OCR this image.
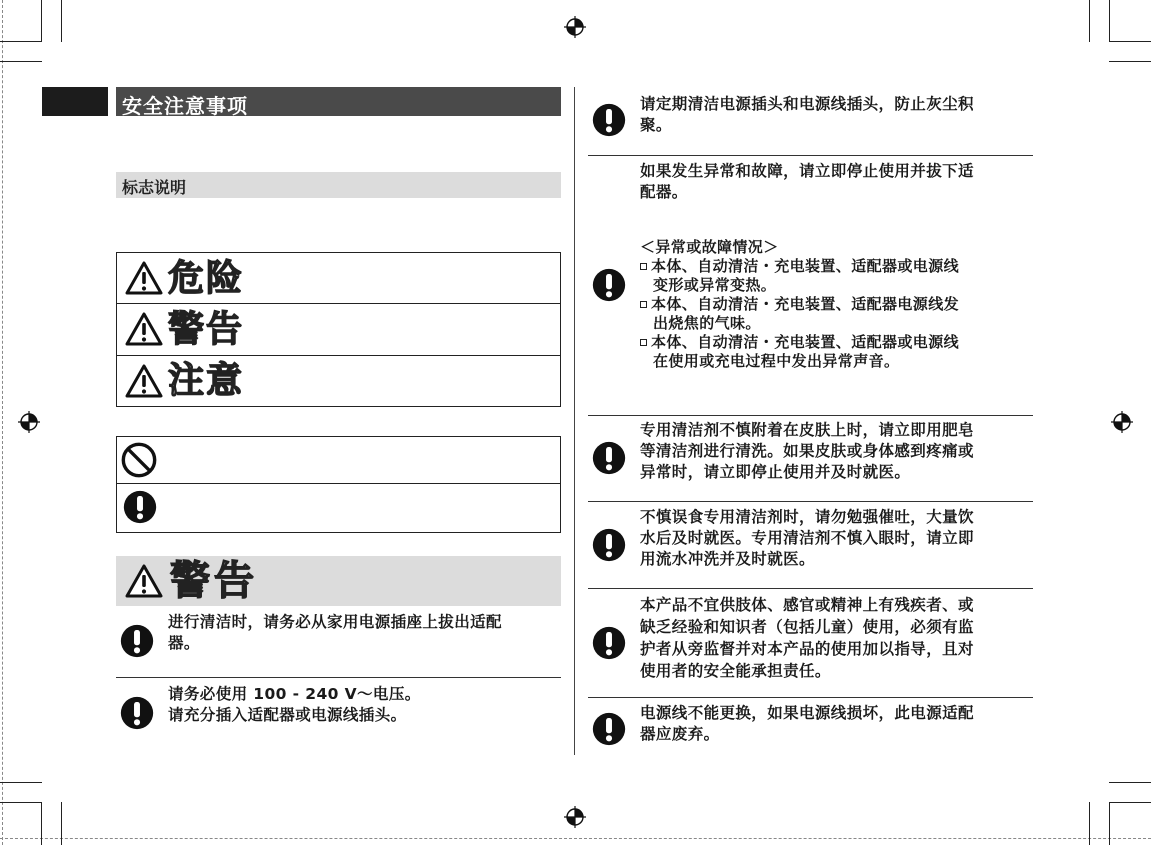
安全注意事项
标志说明
危险
警告
注意
警告
进行清洁时，请务必从家用电源插座上拔出适配
器。
请务必使用 100 - 240 V～电压。
请充分插入适配器或电源线插头。
请定期清洁电源插头和电源线插头，防止灰尘积
聚。
如果发生异常和故障，请立即停止使用并拔下适
配器。
＜异常或故障情况＞
本体、自动清洁・充电装置、适配器或电源线
变形或异常变热。
本体、自动清洁・充电装置、适配器电源线发
出烧焦的气味。
本体、自动清洁・充电装置、适配器或电源线
在使用或充电过程中发出异常声音。
专用清洁剂不慎附着在皮肤上时，请立即用肥皂
等清洁剂进行清洗。如果皮肤或身体感到疼痛或
异常时，请立即停止使用并及时就医。
不慎误食专用清洁剂时，请勿勉强催吐，大量饮
水后及时就医。专用清洁剂不慎入眼时，请立即
用流水冲洗并及时就医。
本产品不宜供肢体、感官或精神上有残疾者、或
缺乏经验和知识者（包括儿童）使用，必须有监
护者从旁监督并对本产品的使用加以指导，且对
使用者的安全能承担责任。
电源线不能更换，如果电源线损坏，此电源适配
器应废弃。
